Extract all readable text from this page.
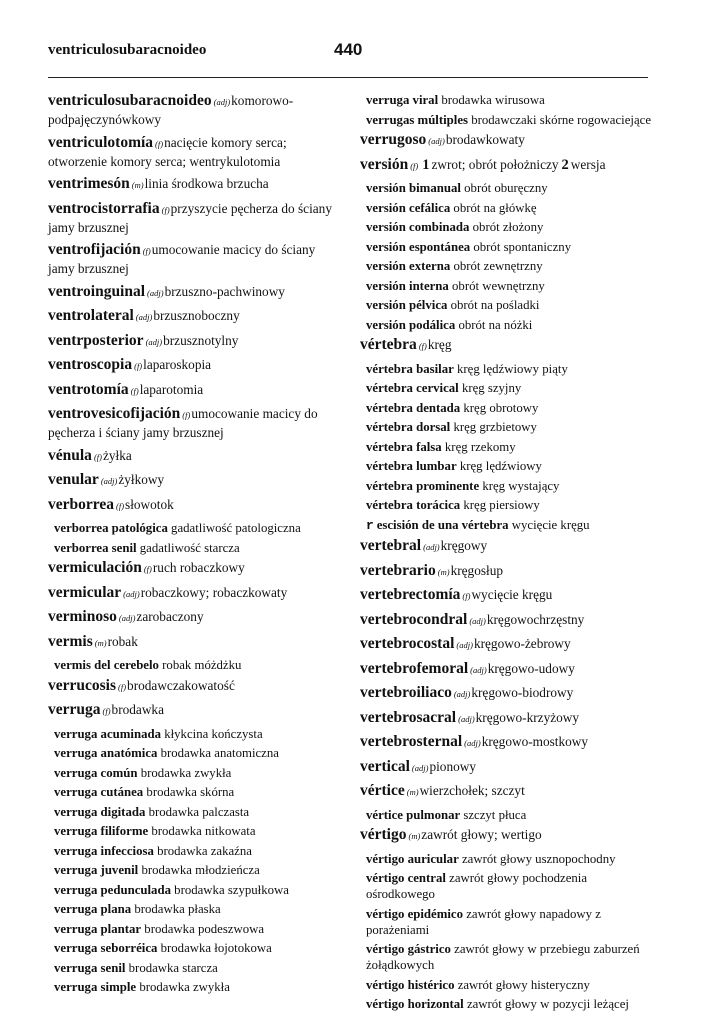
ventriculosubaracnoideo	440
ventriculosubaracnoideo (adj)komorowo-podpajęczynówkowy
ventriculotomía (f)nacięcie komory serca; otworzenie komory serca; wentrykulotomia
ventrimesón (m)linia środkowa brzucha
ventrocistorrafia (f)przyszycie pęcherza do ściany jamy brzusznej
ventrofijación (f)umocowanie macicy do ściany jamy brzusznej
ventroinguinal (adj)brzuszno-pachwinowy
ventrolateral (adj)brzusznoboczny
ventrposterior (adj)brzusznotylny
ventroscopia (f)laparoskopia
ventrotomía (f)laparotomia
ventrovesicofijación (f)umocowanie macicy do pęcherza i ściany jamy brzusznej
vénula (f)żyłka
venular (adj)żyłkowy
verborrea (f)słowotok
verborrea patológica gadatliwość patologiczna
verborrea senil gadatliwość starcza
vermiculación (f)ruch robaczkowy
vermicular (adj)robaczkowy; robaczkowaty
verminoso (adj)zarobaczony
vermis (m)robak
vermis del cerebelo robak móżdżku
verrucosis (f)brodawczakowatość
verruga (f)brodawka
verruga acuminada kłykcina kończysta
verruga anatómica brodawka anatomiczna
verruga común brodawka zwykła
verruga cutánea brodawka skórna
verruga digitada brodawka palczasta
verruga filiforme brodawka nitkowata
verruga infecciosa brodawka zakaźna
verruga juvenil brodawka młodzieńcza
verruga pedunculada brodawka szypułkowa
verruga plana brodawka płaska
verruga plantar brodawka podeszwowa
verruga seborréica brodawka łojotokowa
verruga senil brodawka starcza
verruga simple brodawka zwykła
verruga viral brodawka wirusowa
verrugas múltiples brodawczaki skórne rogowaciejące
verrugoso (adj)brodawkowaty
versión (f) 1 zwrot; obrót położniczy 2 wersja
versión bimanual obrót oburęczny
versión cefálica obrót na główkę
versión combinada obrót złożony
versión espontánea obrót spontaniczny
versión externa obrót zewnętrzny
versión interna obrót wewnętrzny
versión pélvica obrót na pośladki
versión podálica obrót na nóżki
vértebra (f)kręg
vértebra basilar kręg lędźwiowy piąty
vértebra cervical kręg szyjny
vértebra dentada kręg obrotowy
vértebra dorsal kręg grzbietowy
vértebra falsa kręg rzekomy
vértebra lumbar kręg lędźwiowy
vértebra prominente kręg wystający
vértebra torácica kręg piersiowy
r escisión de una vértebra wycięcie kręgu
vertebral (adj)kręgowy
vertebrario (m)kręgosłup
vertebrectomía (f)wycięcie kręgu
vertebrocondral (adj)kręgowochrzęstny
vertebrocostal (adj)kręgowo-żebrowy
vertebrofemoral (adj)kręgowo-udowy
vertebroiliaco (adj)kręgowo-biodrowy
vertebrosacral (adj)kręgowo-krzyżowy
vertebrosternal (adj)kręgowo-mostkowy
vertical (adj)pionowy
vértice (m)wierzchołek; szczyt
vértice pulmonar szczyt płuca
vértigo (m)zawrót głowy; wertigo
vértigo auricular zawrót głowy usznopochodny
vértigo central zawrót głowy pochodzenia ośrodkowego
vértigo epidémico zawrót głowy napadowy z porażeniami
vértigo gástrico zawrót głowy w przebiegu zaburzeń żołądkowych
vértigo histérico zawrót głowy histeryczny
vértigo horizontal zawrót głowy w pozycji leżącej
